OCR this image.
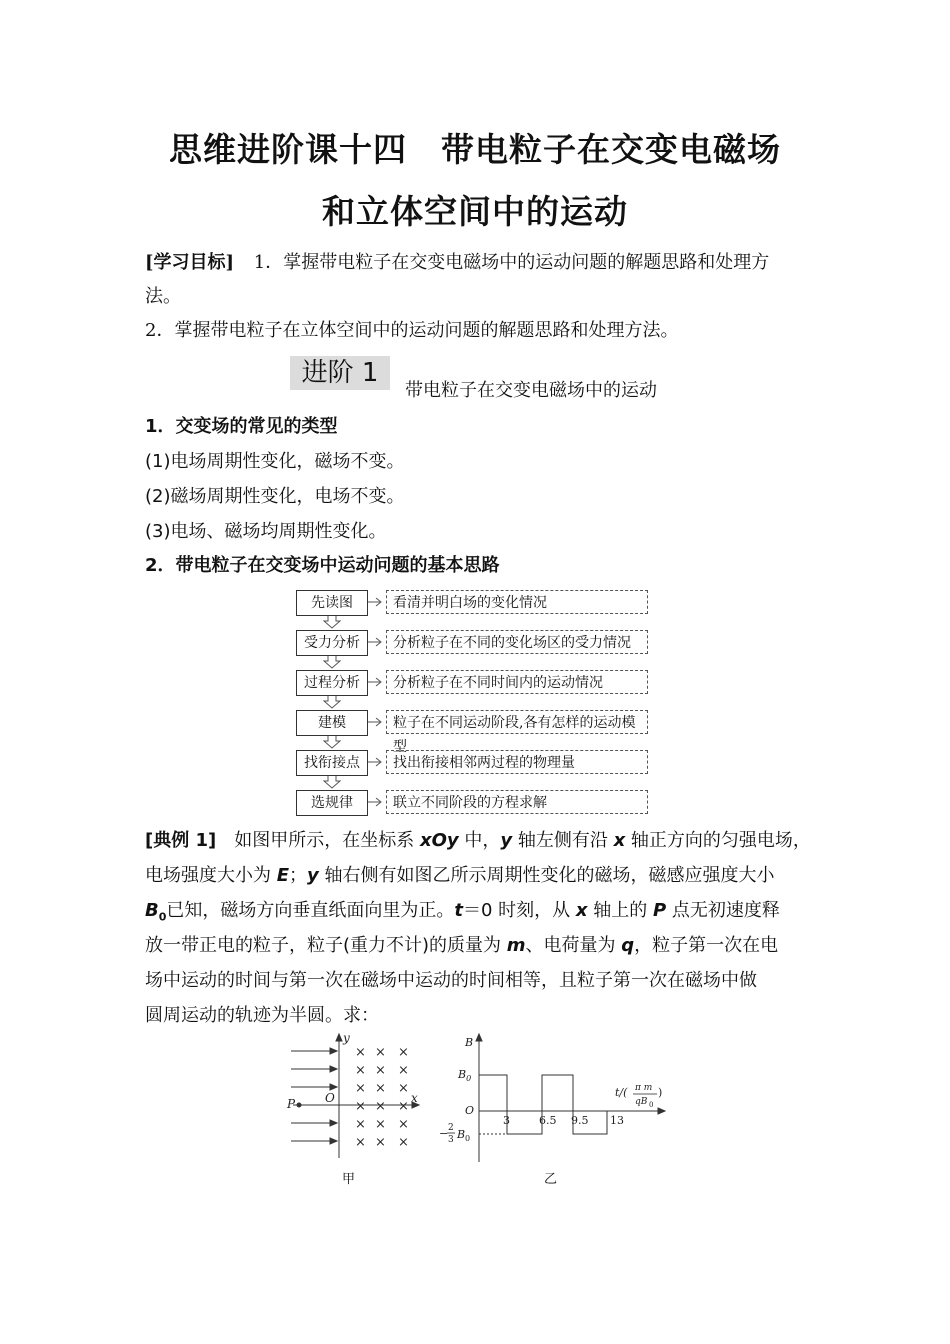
思维进阶课十四　带电粒子在交变电磁场
和立体空间中的运动
[学习目标] 1．掌握带电粒子在交变电磁场中的运动问题的解题思路和处理方
法。
2．掌握带电粒子在立体空间中的运动问题的解题思路和处理方法。
进阶 1
带电粒子在交变电磁场中的运动
1．交变场的常见的类型
(1)电场周期性变化，磁场不变。
(2)磁场周期性变化，电场不变。
(3)电场、磁场均周期性变化。
2．带电粒子在交变场中运动问题的基本思路
先读图	看清并明白场的变化情况
受力分析	分析粒子在不同的变化场区的受力情况
过程分析	分析粒子在不同时间内的运动情况
建模	粒子在不同运动阶段,各有怎样的运动模型
找衔接点	找出衔接相邻两过程的物理量
选规律	联立不同阶段的方程求解
[典例 1] 如图甲所示，在坐标系 xOy 中，y 轴左侧有沿 x 轴正方向的匀强电场，
电场强度大小为 E；y 轴右侧有如图乙所示周期性变化的磁场，磁感应强度大小
$B_0$已知，磁场方向垂直纸面向里为正。t＝0 时刻，从 x 轴上的 P 点无初速度释
放一带正电的粒子，粒子(重力不计)的质量为 m、电荷量为 q，粒子第一次在电
场中运动的时间与第一次在磁场中运动的时间相等，且粒子第一次在磁场中做
圆周运动的轨迹为半圆。求：
× × ×
× × ×
× × ×
× × ×
× × ×
× × ×
y
x
P O
甲
B
$B_0$
O
− 2
3 B 0
3	6.5 9.5 13
t/( π m
qB 0
)
乙
